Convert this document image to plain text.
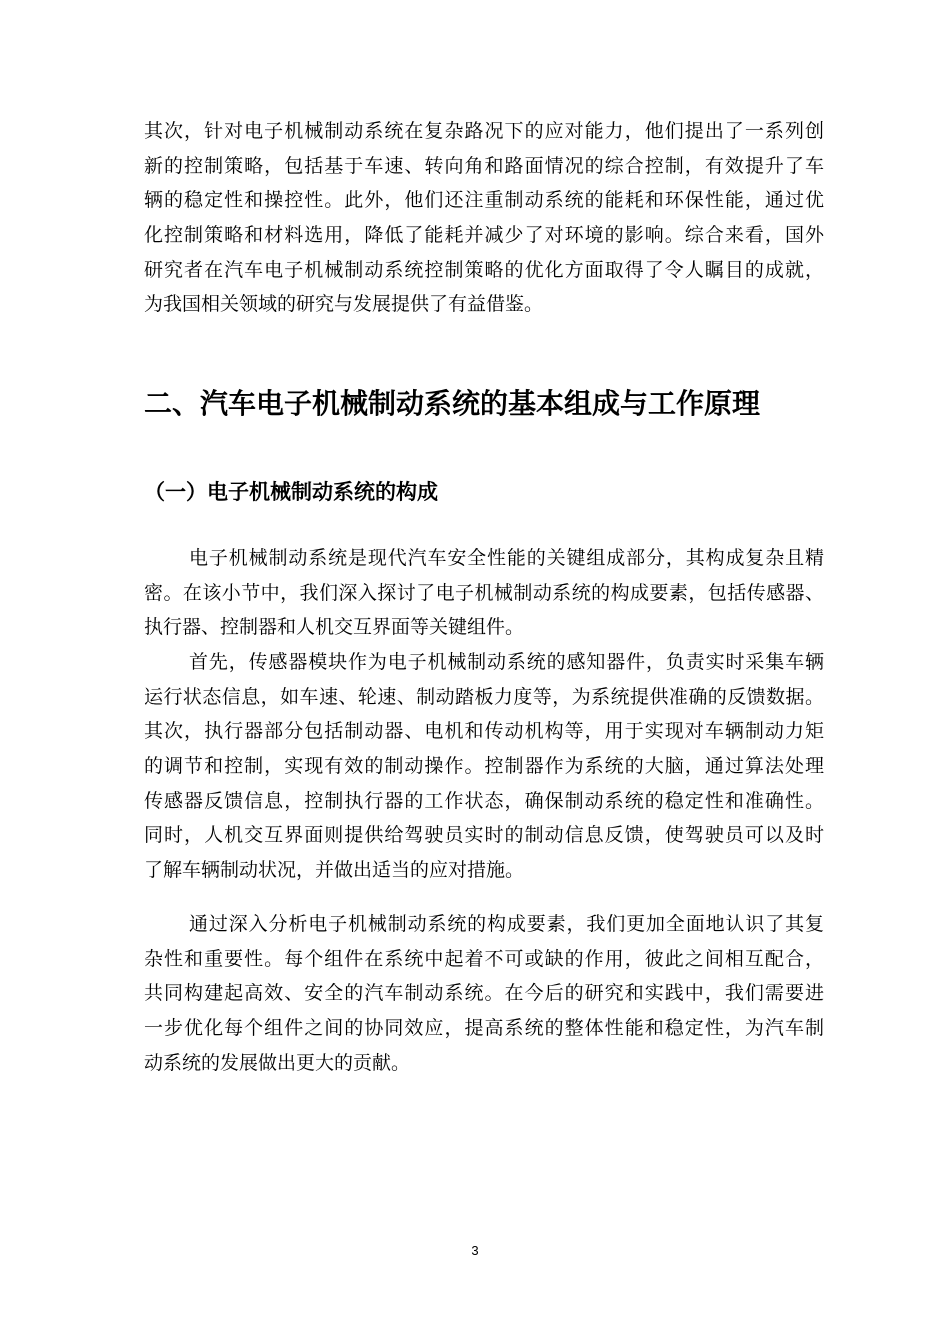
其次，针对电子机械制动系统在复杂路况下的应对能力，他们提出了一系列创
新的控制策略，包括基于车速、转向角和路面情况的综合控制，有效提升了车
辆的稳定性和操控性。此外，他们还注重制动系统的能耗和环保性能，通过优
化控制策略和材料选用，降低了能耗并减少了对环境的影响。综合来看，国外
研究者在汽车电子机械制动系统控制策略的优化方面取得了令人瞩目的成就，
为我国相关领域的研究与发展提供了有益借鉴。

二、汽车电子机械制动系统的基本组成与工作原理
（一）电子机械制动系统的构成

电子机械制动系统是现代汽车安全性能的关键组成部分，其构成复杂且精
密。在该小节中，我们深入探讨了电子机械制动系统的构成要素，包括传感器、
执行器、控制器和人机交互界面等关键组件。

首先，传感器模块作为电子机械制动系统的感知器件，负责实时采集车辆
运行状态信息，如车速、轮速、制动踏板力度等，为系统提供准确的反馈数据。
其次，执行器部分包括制动器、电机和传动机构等，用于实现对车辆制动力矩
的调节和控制，实现有效的制动操作。控制器作为系统的大脑，通过算法处理
传感器反馈信息，控制执行器的工作状态，确保制动系统的稳定性和准确性。
同时，人机交互界面则提供给驾驶员实时的制动信息反馈，使驾驶员可以及时
了解车辆制动状况，并做出适当的应对措施。

通过深入分析电子机械制动系统的构成要素，我们更加全面地认识了其复
杂性和重要性。每个组件在系统中起着不可或缺的作用，彼此之间相互配合，
共同构建起高效、安全的汽车制动系统。在今后的研究和实践中，我们需要进
一步优化每个组件之间的协同效应，提高系统的整体性能和稳定性，为汽车制
动系统的发展做出更大的贡献。

3
